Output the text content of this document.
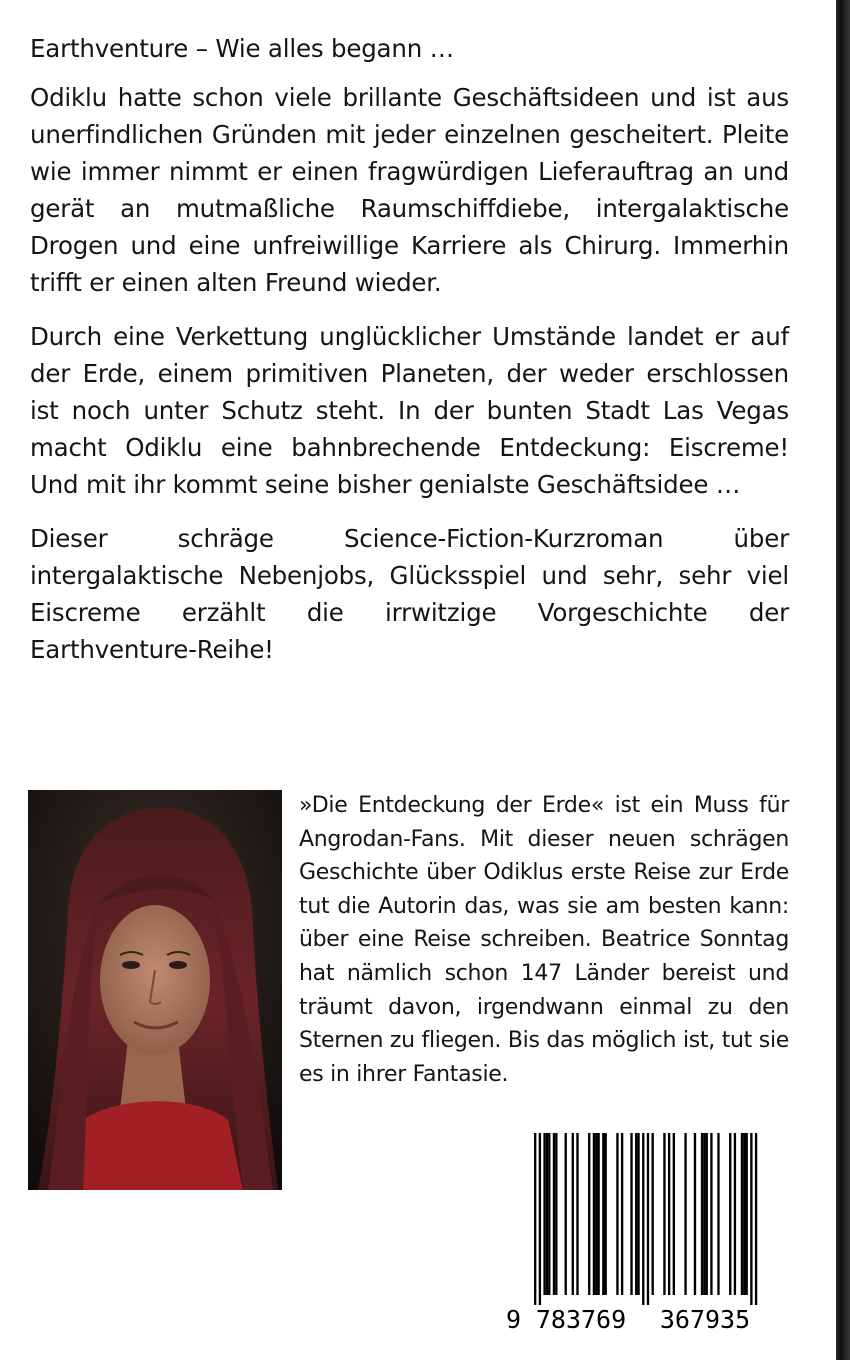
Earthventure – Wie alles begann …

Odiklu hatte schon viele brillante Geschäftsideen und ist aus unerfindlichen Gründen mit jeder einzelnen gescheitert. Pleite wie immer nimmt er einen fragwürdigen Lieferauftrag an und gerät an mutmaßliche Raumschiffdiebe, intergalaktische Drogen und eine unfreiwillige Karriere als Chirurg. Immerhin trifft er einen alten Freund wieder.

Durch eine Verkettung unglücklicher Umstände landet er auf der Erde, einem primitiven Planeten, der weder erschlossen ist noch unter Schutz steht. In der bunten Stadt Las Vegas macht Odiklu eine bahnbrechende Entdeckung: Eiscreme! Und mit ihr kommt seine bisher genialste Geschäftsidee …

Dieser schräge Science-Fiction-Kurzroman über intergalaktische Nebenjobs, Glücksspiel und sehr, sehr viel Eiscreme erzählt die irrwitzige Vorgeschichte der Earthventure-Reihe!

»Die Entdeckung der Erde« ist ein Muss für Angrodan-Fans. Mit dieser neuen schrägen Geschichte über Odiklus erste Reise zur Erde tut die Autorin das, was sie am besten kann: über eine Reise schreiben. Beatrice Sonntag hat nämlich schon 147 Länder bereist und träumt davon, irgendwann einmal zu den Sternen zu fliegen. Bis das möglich ist, tut sie es in ihrer Fantasie.

9 783769	367935
